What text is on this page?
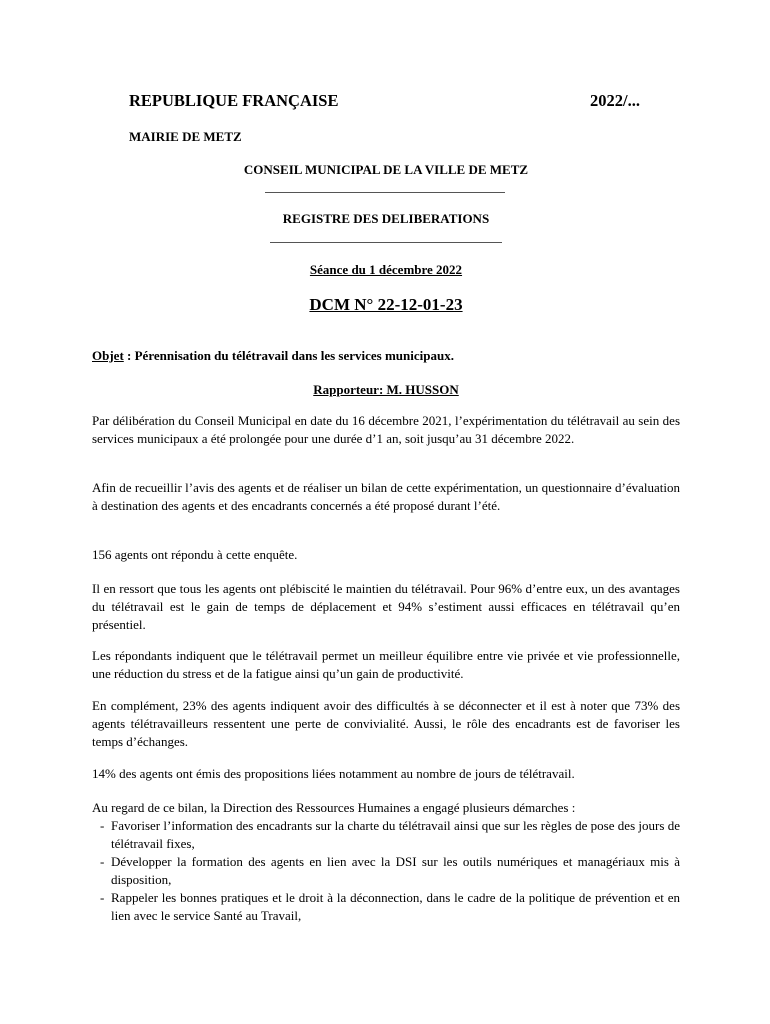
REPUBLIQUE FRANÇAISE	2022/...
MAIRIE DE METZ
CONSEIL MUNICIPAL DE LA VILLE DE METZ
REGISTRE DES DELIBERATIONS
Séance du 1 décembre 2022
DCM N° 22-12-01-23
Objet : Pérennisation du télétravail dans les services municipaux.
Rapporteur: M. HUSSON

Par délibération du Conseil Municipal en date du 16 décembre 2021, l’expérimentation du télétravail au sein des services municipaux a été prolongée pour une durée d’1 an, soit jusqu’au 31 décembre 2022.

Afin de recueillir l’avis des agents et de réaliser un bilan de cette expérimentation, un questionnaire d’évaluation à destination des agents et des encadrants concernés a été proposé durant l’été.

156 agents ont répondu à cette enquête.

Il en ressort que tous les agents ont plébiscité le maintien du télétravail. Pour 96% d’entre eux, un des avantages du télétravail est le gain de temps de déplacement et 94% s’estiment aussi efficaces en télétravail qu’en présentiel.

Les répondants indiquent que le télétravail permet un meilleur équilibre entre vie privée et vie professionnelle, une réduction du stress et de la fatigue ainsi qu’un gain de productivité.

En complément, 23% des agents indiquent avoir des difficultés à se déconnecter et il est à noter que 73% des agents télétravailleurs ressentent une perte de convivialité. Aussi, le rôle des encadrants est de favoriser les temps d’échanges.

14% des agents ont émis des propositions liées notamment au nombre de jours de télétravail.

Au regard de ce bilan, la Direction des Ressources Humaines a engagé plusieurs démarches :

- Favoriser l’information des encadrants sur la charte du télétravail ainsi que sur les règles de pose des jours de télétravail fixes,
- Développer la formation des agents en lien avec la DSI sur les outils numériques et managériaux mis à disposition,
- Rappeler les bonnes pratiques et le droit à la déconnection, dans le cadre de la politique de prévention et en lien avec le service Santé au Travail,
